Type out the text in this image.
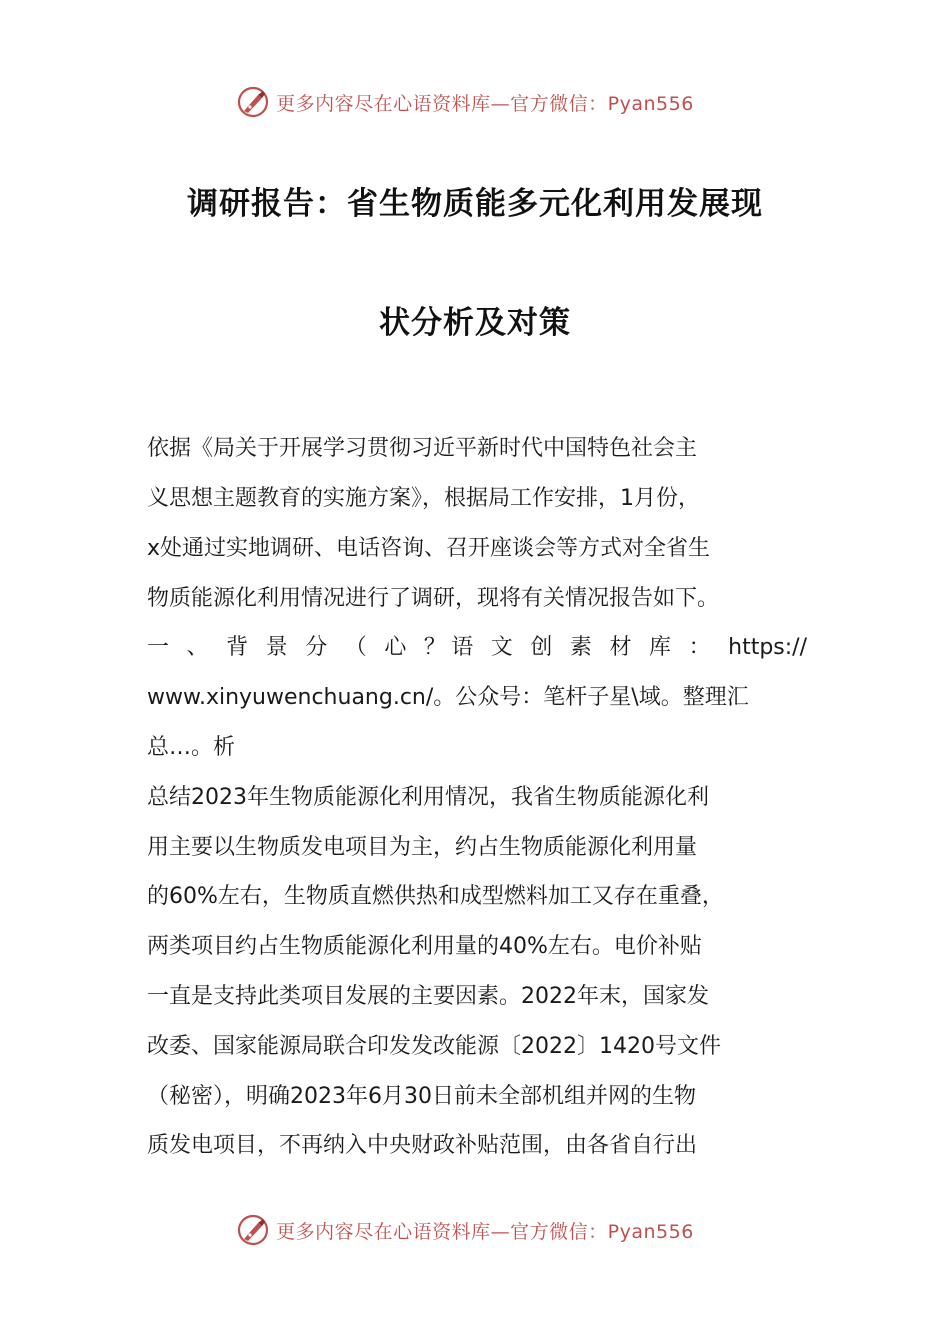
更多内容尽在心语资料库—官方微信：Pyan556
调研报告：省生物质能多元化利用发展现
状分析及对策
依据《局关于开展学习贯彻习近平新时代中国特色社会主
义思想主题教育的实施方案》，根据局工作安排，1月份，
x处通过实地调研、电话咨询、召开座谈会等方式对全省生
物质能源化利用情况进行了调研，现将有关情况报告如下。
一 、 背 景 分 （ 心 ？语 文 创 素 材 库 ： https://
www.xinyuwenchuang.cn/。公众号：笔杆子星\域。整理汇
总…。析
总结2023年生物质能源化利用情况，我省生物质能源化利
用主要以生物质发电项目为主，约占生物质能源化利用量
的60%左右，生物质直燃供热和成型燃料加工又存在重叠，
两类项目约占生物质能源化利用量的40%左右。电价补贴
一直是支持此类项目发展的主要因素。2022年末，国家发
改委、国家能源局联合印发发改能源〔2022〕1420号文件
（秘密），明确2023年6月30日前未全部机组并网的生物
质发电项目，不再纳入中央财政补贴范围，由各省自行出
更多内容尽在心语资料库—官方微信：Pyan556
